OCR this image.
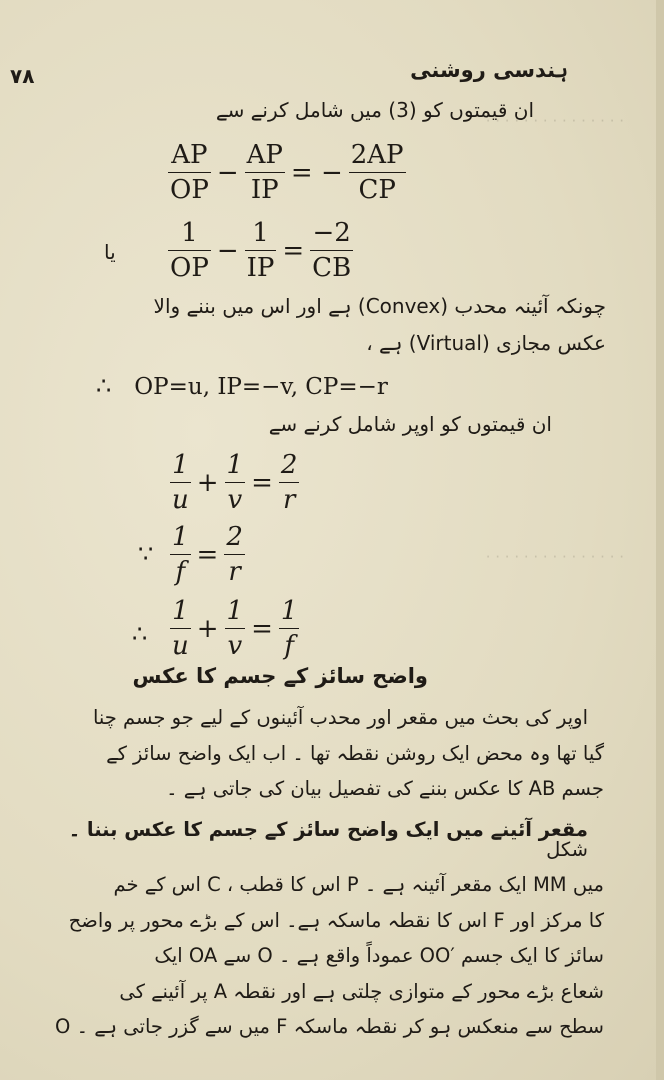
· · · · · · · · · · · · · · ·
· · · · · · · · · · · · · · ·
۷۸	ہندسی روشنی
ان قیمتوں کو (3) میں شامل کرنے سے
$\frac{AP}{OP} - \frac{AP}{IP}$ = − $\frac{2AP}{CP}$
یا $\frac{1}{OP} - \frac{1}{IP} = \frac{-2}{CB}$
چونکہ آئینہ محدب (Convex) ہے اور اس میں بننے والا
عکس مجازی (Virtual) ہے ،
∴ OP=u, IP=−v, CP=−r
ان قیمتوں کو اوپر شامل کرنے سے
$\frac{1}{u} + \frac{1}{v} = \frac{2}{r}$
∵ $\frac{1}{f} = \frac{2}{r}$
∴ $\frac{1}{u} + \frac{1}{v} = \frac{1}{f}$
واضح سائز کے جسم کا عکس
اوپر کی بحث میں مقعر اور محدب آئینوں کے لیے جو جسم چنا
گیا تھا وہ محض ایک روشن نقطہ تھا ۔ اب ایک واضح سائز کے
جسم AB کا عکس بننے کی تفصیل بیان کی جاتی ہے ۔
مقعر آئینے میں ایک واضح سائز کے جسم کا عکس بننا ۔ شکل
میں MM ایک مقعر آئینہ ہے ۔ P اس کا قطب ، C اس کے خم
کا مرکز اور F اس کا نقطہ ماسکہ ہے۔ اس کے بڑے محور پر واضح
سائز کا ایک جسم ′OO عموداً واقع ہے ۔ O سے OA ایک
شعاع بڑے محور کے متوازی چلتی ہے اور نقطہ A پر آئینے کی
سطح سے منعکس ہو کر نقطہ ماسکہ F میں سے گزر جاتی ہے ۔ O
